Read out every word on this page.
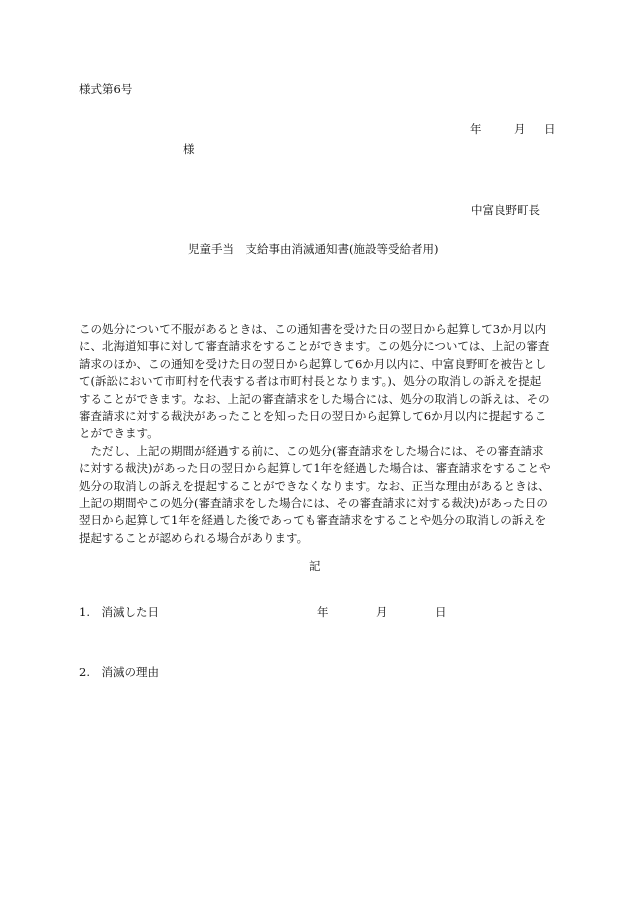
様式第6号
年	月 日
様
中富良野町長
児童手当　支給事由消滅通知書(施設等受給者用)

この処分について不服があるときは、この通知書を受けた日の翌日から起算して3か月以内に、北海道知事に対して審査請求をすることができます。この処分については、上記の審査請求のほか、この通知を受けた日の翌日から起算して6か月以内に、中富良野町を被告として(訴訟において市町村を代表する者は市町村長となります。)、処分の取消しの訴えを提起することができます。なお、上記の審査請求をした場合には、処分の取消しの訴えは、その審査請求に対する裁決があったことを知った日の翌日から起算して6か月以内に提起することができます。

ただし、上記の期間が経過する前に、この処分(審査請求をした場合には、その審査請求に対する裁決)があった日の翌日から起算して1年を経過した場合は、審査請求をすることや処分の取消しの訴えを提起することができなくなります。なお、正当な理由があるときは、上記の期間やこの処分(審査請求をした場合には、その審査請求に対する裁決)があった日の翌日から起算して1年を経過した後であっても審査請求をすることや処分の取消しの訴えを提起することが認められる場合があります。

記
1.　消滅した日	年	月	日
2.　消滅の理由
